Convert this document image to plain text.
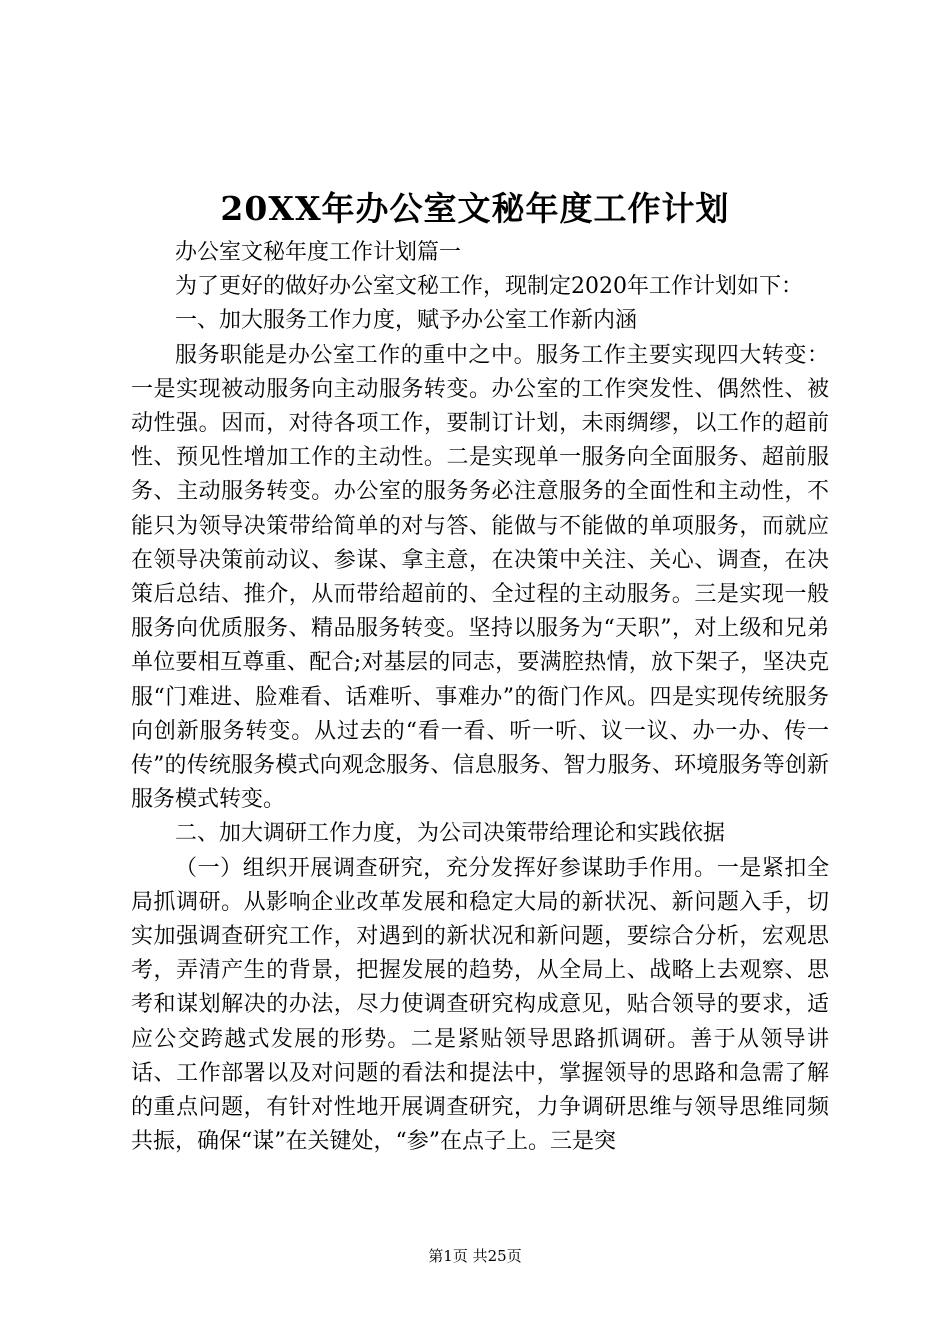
20XX年办公室文秘年度工作计划

办公室文秘年度工作计划篇一

为了更好的做好办公室文秘工作，现制定2020年工作计划如下：

一、加大服务工作力度，赋予办公室工作新内涵

服务职能是办公室工作的重中之中。服务工作主要实现四大转变：一是实现被动服务向主动服务转变。办公室的工作突发性、偶然性、被动性强。因而，对待各项工作，要制订计划，未雨绸缪，以工作的超前性、预见性增加工作的主动性。二是实现单一服务向全面服务、超前服务、主动服务转变。办公室的服务务必注意服务的全面性和主动性，不能只为领导决策带给简单的对与答、能做与不能做的单项服务，而就应在领导决策前动议、参谋、拿主意，在决策中关注、关心、调查，在决策后总结、推介，从而带给超前的、全过程的主动服务。三是实现一般服务向优质服务、精品服务转变。坚持以服务为“天职”，对上级和兄弟单位要相互尊重、配合;对基层的同志，要满腔热情，放下架子，坚决克服“门难进、脸难看、话难听、事难办”的衙门作风。四是实现传统服务向创新服务转变。从过去的“看一看、听一听、议一议、办一办、传一传”的传统服务模式向观念服务、信息服务、智力服务、环境服务等创新服务模式转变。

二、加大调研工作力度，为公司决策带给理论和实践依据

（一）组织开展调查研究，充分发挥好参谋助手作用。一是紧扣全局抓调研。从影响企业改革发展和稳定大局的新状况、新问题入手，切实加强调查研究工作，对遇到的新状况和新问题，要综合分析，宏观思考，弄清产生的背景，把握发展的趋势，从全局上、战略上去观察、思考和谋划解决的办法，尽力使调查研究构成意见，贴合领导的要求，适应公交跨越式发展的形势。二是紧贴领导思路抓调研。善于从领导讲话、工作部署以及对问题的看法和提法中，掌握领导的思路和急需了解的重点问题，有针对性地开展调查研究，力争调研思维与领导思维同频共振，确保“谋”在关键处，“参”在点子上。三是突

第1页 共25页
